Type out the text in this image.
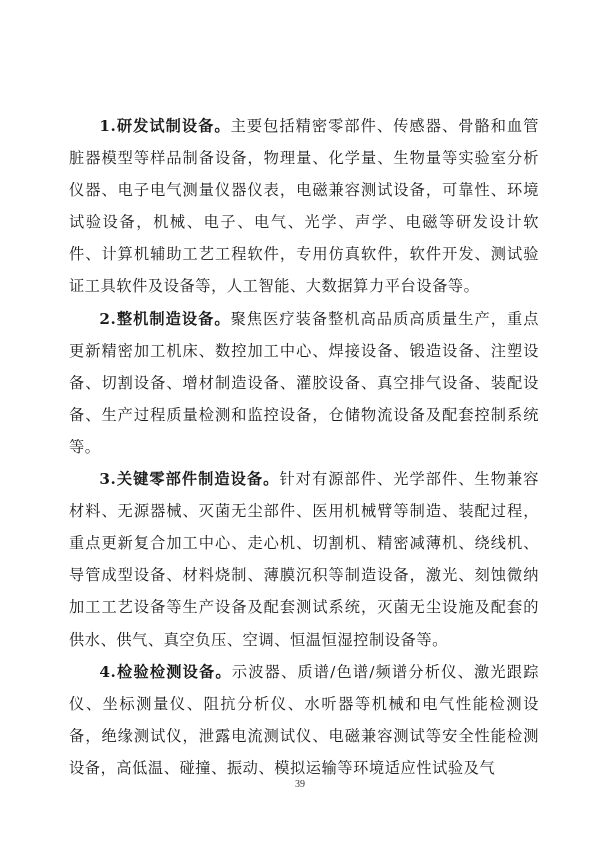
1.研发试制设备。主要包括精密零部件、传感器、骨骼和血管脏器模型等样品制备设备，物理量、化学量、生物量等实验室分析仪器、电子电气测量仪器仪表，电磁兼容测试设备，可靠性、环境试验设备，机械、电子、电气、光学、声学、电磁等研发设计软件、计算机辅助工艺工程软件，专用仿真软件，软件开发、测试验证工具软件及设备等，人工智能、大数据算力平台设备等。

2.整机制造设备。聚焦医疗装备整机高品质高质量生产，重点更新精密加工机床、数控加工中心、焊接设备、锻造设备、注塑设备、切割设备、增材制造设备、灌胶设备、真空排气设备、装配设备、生产过程质量检测和监控设备，仓储物流设备及配套控制系统等。

3.关键零部件制造设备。针对有源部件、光学部件、生物兼容材料、无源器械、灭菌无尘部件、医用机械臂等制造、装配过程，重点更新复合加工中心、走心机、切割机、精密减薄机、绕线机、导管成型设备、材料烧制、薄膜沉积等制造设备，激光、刻蚀微纳加工工艺设备等生产设备及配套测试系统，灭菌无尘设施及配套的供水、供气、真空负压、空调、恒温恒湿控制设备等。

4.检验检测设备。示波器、质谱/色谱/频谱分析仪、激光跟踪仪、坐标测量仪、阻抗分析仪、水听器等机械和电气性能检测设备，绝缘测试仪，泄露电流测试仪、电磁兼容测试等安全性能检测设备，高低温、碰撞、振动、模拟运输等环境适应性试验及气

39
